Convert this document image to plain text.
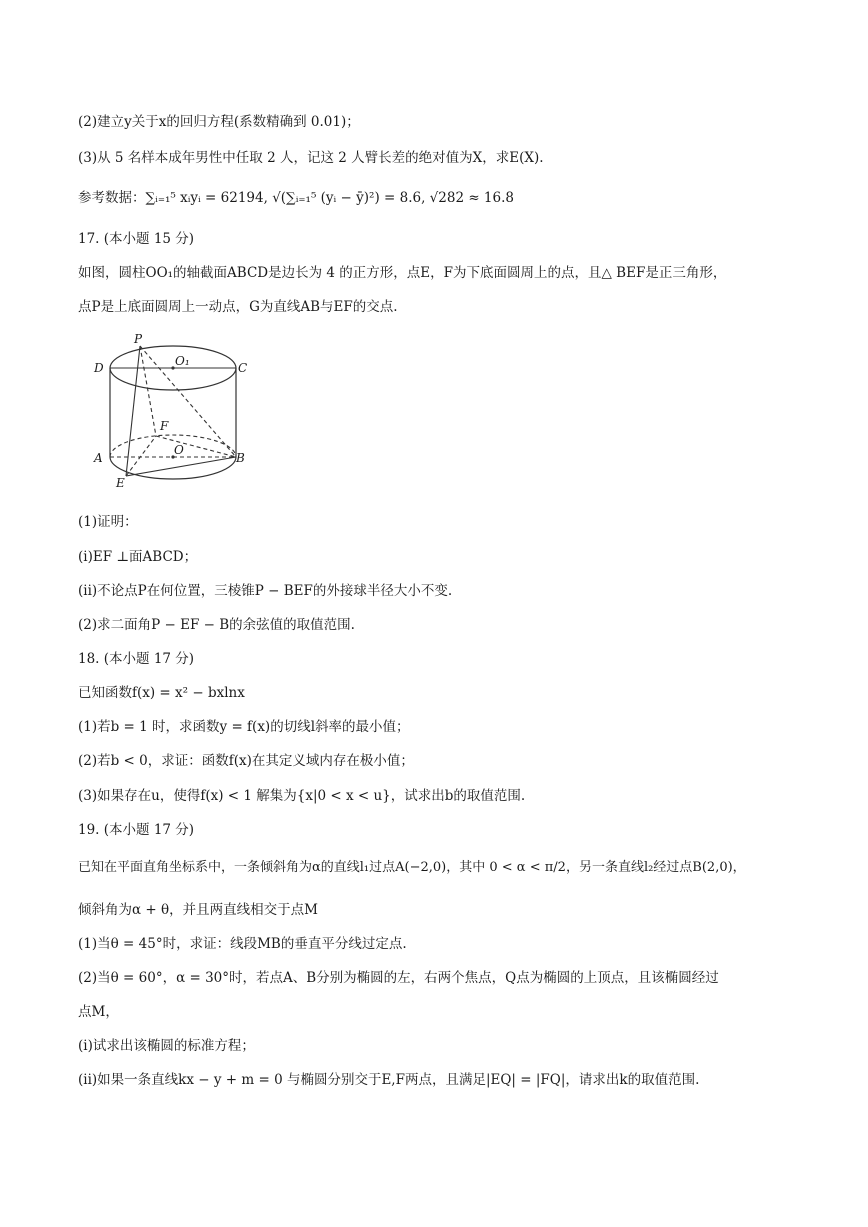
(2)建立y关于x的回归方程(系数精确到 0.01)；
(3)从 5 名样本成年男性中任取 2 人，记这 2 人臂长差的绝对值为X，求E(X).
参考数据：∑ᵢ₌₁⁵ xᵢyᵢ = 62194, √(∑ᵢ₌₁⁵ (yᵢ − ȳ)²) = 8.6, √282 ≈ 16.8
17. (本小题 15 分)
如图，圆柱OO₁的轴截面ABCD是边长为 4 的正方形，点E，F为下底面圆周上的点，且△ BEF是正三角形，
点P是上底面圆周上一动点，G为直线AB与EF的交点.
P
D	O₁	C
F
A
O
B
E
(1)证明：
(i)EF ⊥面ABCD；
(ii)不论点P在何位置，三棱锥P − BEF的外接球半径大小不变.
(2)求二面角P − EF − B的余弦值的取值范围.
18. (本小题 17 分)
已知函数f(x) = x² − bxlnx
(1)若b = 1 时，求函数y = f(x)的切线l斜率的最小值；
(2)若b < 0，求证：函数f(x)在其定义域内存在极小值；
(3)如果存在u，使得f(x) < 1 解集为{x|0 < x < u}，试求出b的取值范围.
19. (本小题 17 分)
已知在平面直角坐标系中，一条倾斜角为α的直线l₁过点A(−2,0)，其中 0 < α < π/2，另一条直线l₂经过点B(2,0)，
倾斜角为α + θ，并且两直线相交于点M
(1)当θ = 45°时，求证：线段MB的垂直平分线过定点.
(2)当θ = 60°，α = 30°时，若点A、B分别为椭圆的左，右两个焦点，Q点为椭圆的上顶点，且该椭圆经过
点M，
(i)试求出该椭圆的标准方程；
(ii)如果一条直线kx − y + m = 0 与椭圆分别交于E,F两点，且满足|EQ| = |FQ|，请求出k的取值范围.
